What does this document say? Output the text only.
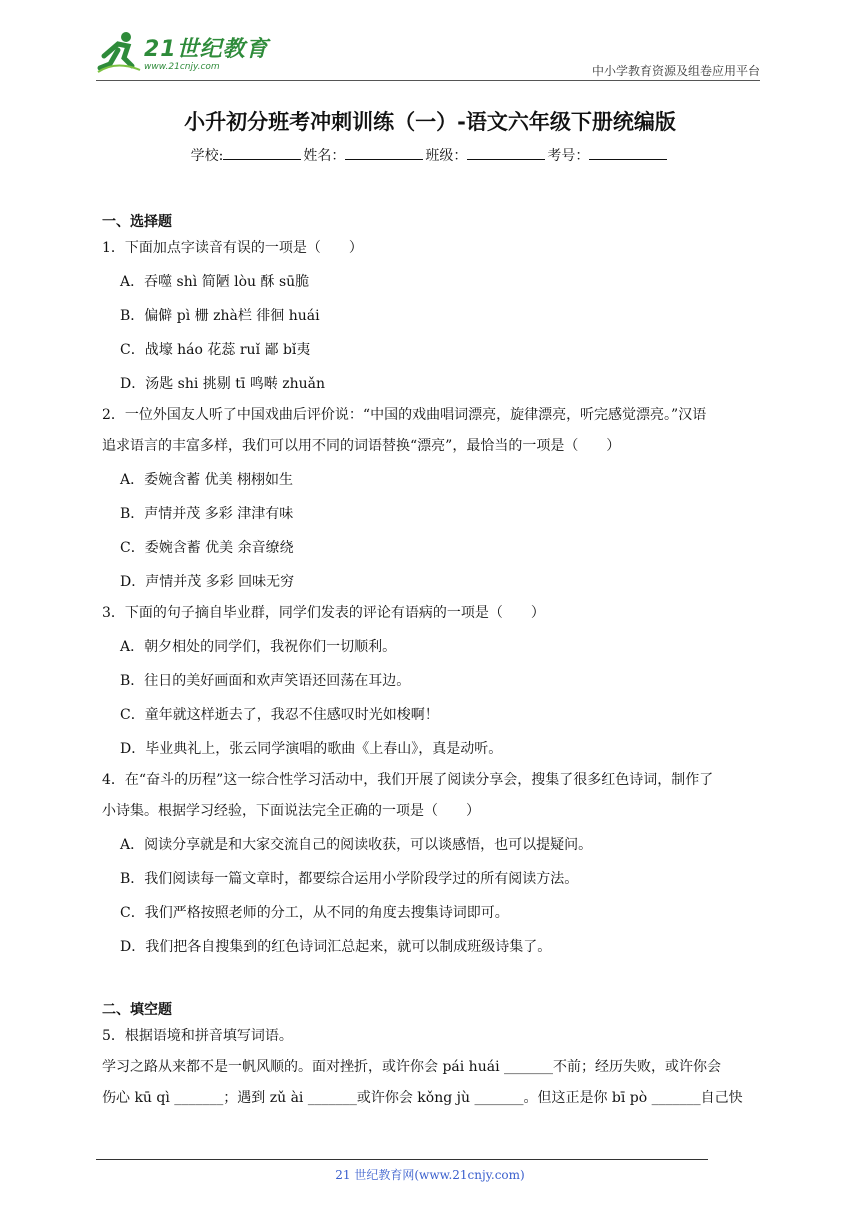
21世纪教育
www.21cnjy.com	中小学教育资源及组卷应用平台
小升初分班考冲刺训练（一）-语文六年级下册统编版
学校:	姓名：	班级：	考号：
一、选择题
1．下面加点字读音有误的一项是（　　）
A．吞噬 shì 简陋 lòu 酥 sū脆
B．偏僻 pì 栅 zhà栏 徘徊 huái
C．战壕 háo 花蕊 ruǐ 鄙 bǐ夷
D．汤匙 shi 挑剔 tī 鸣啭 zhuǎn
2．一位外国友人听了中国戏曲后评价说：“中国的戏曲唱词漂亮，旋律漂亮，听完感觉漂亮。”汉语
追求语言的丰富多样，我们可以用不同的词语替换“漂亮”，最恰当的一项是（　　）
A．委婉含蓄 优美 栩栩如生
B．声情并茂 多彩 津津有味
C．委婉含蓄 优美 余音缭绕
D．声情并茂 多彩 回味无穷
3．下面的句子摘自毕业群，同学们发表的评论有语病的一项是（　　）
A．朝夕相处的同学们，我祝你们一切顺利。
B．往日的美好画面和欢声笑语还回荡在耳边。
C．童年就这样逝去了，我忍不住感叹时光如梭啊！
D．毕业典礼上，张云同学演唱的歌曲《上春山》，真是动听。
4．在“奋斗的历程”这一综合性学习活动中，我们开展了阅读分享会，搜集了很多红色诗词，制作了
小诗集。根据学习经验，下面说法完全正确的一项是（　　）
A．阅读分享就是和大家交流自己的阅读收获，可以谈感悟，也可以提疑问。
B．我们阅读每一篇文章时，都要综合运用小学阶段学过的所有阅读方法。
C．我们严格按照老师的分工，从不同的角度去搜集诗词即可。
D．我们把各自搜集到的红色诗词汇总起来，就可以制成班级诗集了。
二、填空题
5．根据语境和拼音填写词语。
学习之路从来都不是一帆风顺的。面对挫折，或许你会 pái huái _______不前；经历失败，或许你会
伤心 kū qì _______；遇到 zǔ ài _______或许你会 kǒng jù _______。但这正是你 bī pò _______自己快
21 世纪教育网(www.21cnjy.com)
